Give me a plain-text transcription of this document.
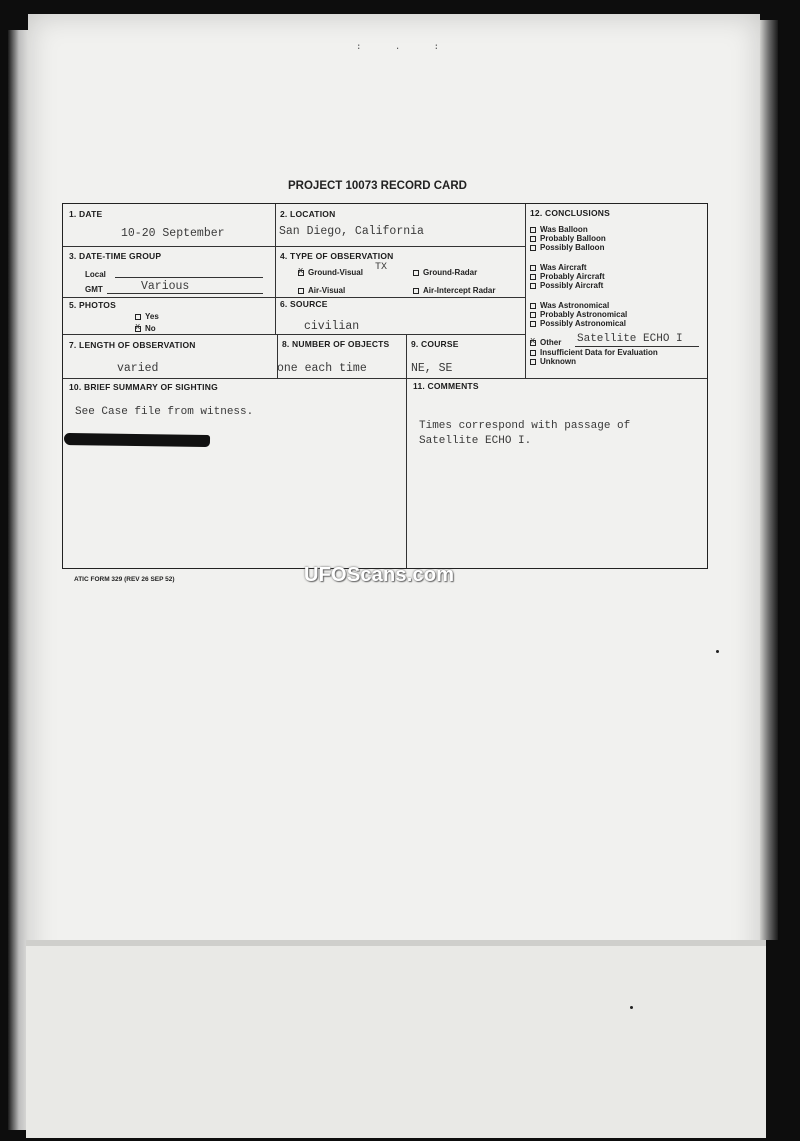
: . :
PROJECT 10073 RECORD CARD
1. DATE
10-20 September
2. LOCATION
San Diego, California
3. DATE-TIME GROUP
Local
GMT	Various
4. TYPE OF OBSERVATION
xGround-Visual TX	Ground-Radar
Air-Visual	Air-Intercept Radar
5. PHOTOS
Yes
xNo
6. SOURCE
civilian
7. LENGTH OF OBSERVATION
varied
8. NUMBER OF OBJECTS
one each time
9. COURSE
NE, SE
10. BRIEF SUMMARY OF SIGHTING
See Case file from witness.
11. COMMENTS
Times correspond with passage of
Satellite ECHO I.
12. CONCLUSIONS
Was Balloon
Probably Balloon
Possibly Balloon
Was Aircraft
Probably Aircraft
Possibly Aircraft
Was Astronomical
Probably Astronomical
Possibly Astronomical
xOther Satellite ECHO I
Insufficient Data for Evaluation
Unknown
ATIC FORM 329 (REV 26 SEP 52)	UFOScans.com
